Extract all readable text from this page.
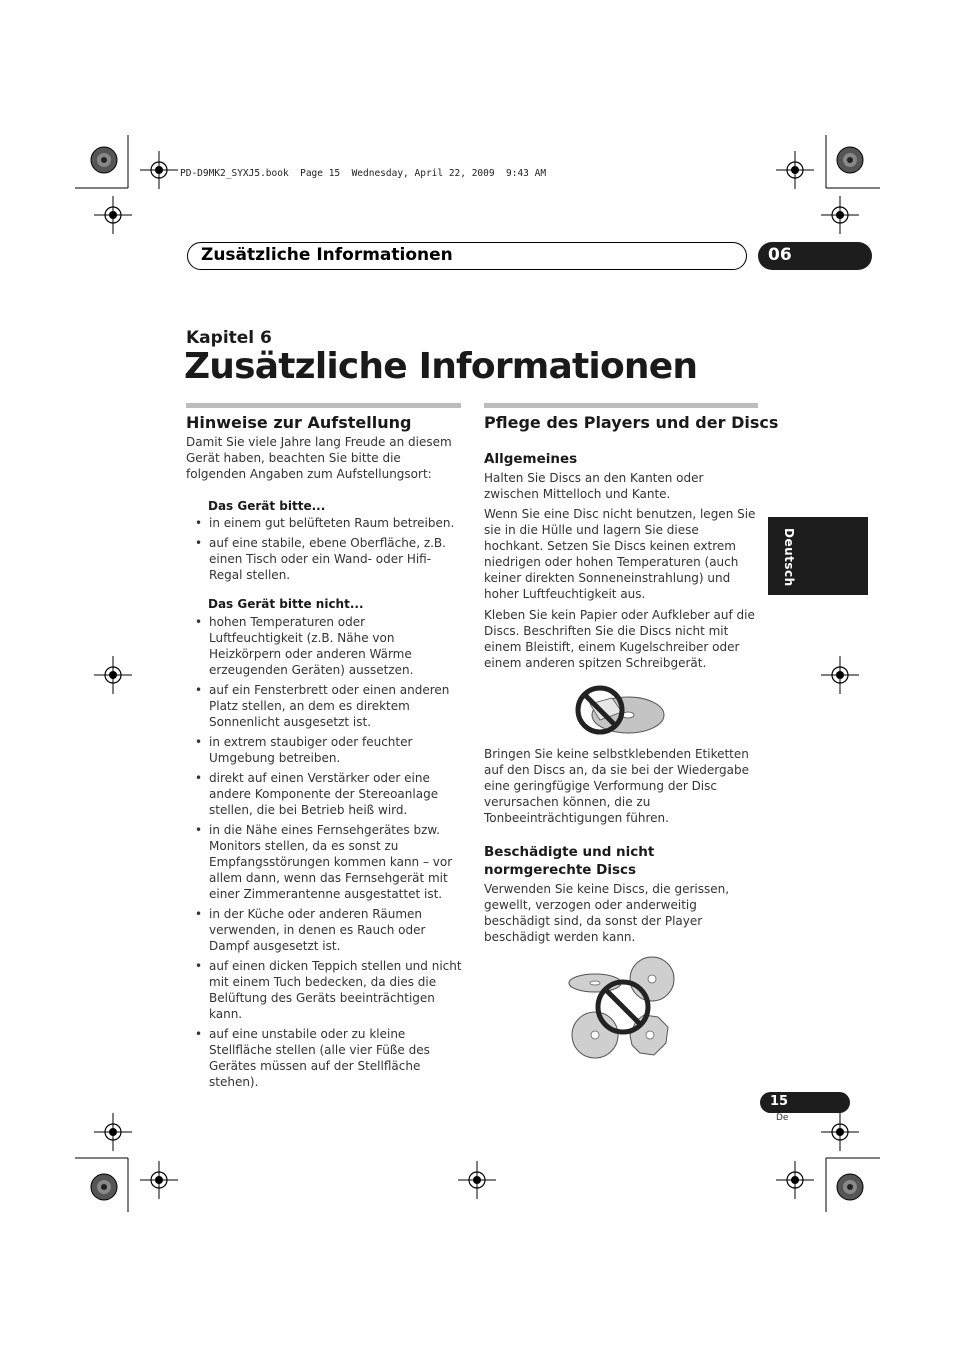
PD-D9MK2_SYXJ5.book  Page 15  Wednesday, April 22, 2009  9:43 AM
Zusätzliche Informationen	06
Kapitel 6
Zusätzliche Informationen
Hinweise zur Aufstellung

Damit Sie viele Jahre lang Freude an diesem Gerät haben, beachten Sie bitte die folgenden Angaben zum Aufstellungsort:

Das Gerät bitte...
• in einem gut belüfteten Raum betreiben.
• auf eine stabile, ebene Oberfläche, z.B. einen Tisch oder ein Wand- oder Hifi-Regal stellen.
Das Gerät bitte nicht...
• hohen Temperaturen oder Luftfeuchtigkeit (z.B. Nähe von Heizkörpern oder anderen Wärme erzeugenden Geräten) aussetzen.
• auf ein Fensterbrett oder einen anderen Platz stellen, an dem es direktem Sonnenlicht ausgesetzt ist.
• in extrem staubiger oder feuchter Umgebung betreiben.
• direkt auf einen Verstärker oder eine andere Komponente der Stereoanlage stellen, die bei Betrieb heiß wird.
• in die Nähe eines Fernsehgerätes bzw. Monitors stellen, da es sonst zu Empfangsstörungen kommen kann – vor allem dann, wenn das Fernsehgerät mit einer Zimmerantenne ausgestattet ist.
• in der Küche oder anderen Räumen verwenden, in denen es Rauch oder Dampf ausgesetzt ist.
• auf einen dicken Teppich stellen und nicht mit einem Tuch bedecken, da dies die Belüftung des Geräts beeinträchtigen kann.
• auf eine unstabile oder zu kleine Stellfläche stellen (alle vier Füße des Gerätes müssen auf der Stellfläche stehen).
Pflege des Players und der Discs
Allgemeines

Halten Sie Discs an den Kanten oder zwischen Mittelloch und Kante.

Wenn Sie eine Disc nicht benutzen, legen Sie sie in die Hülle und lagern Sie diese hochkant. Setzen Sie Discs keinen extrem niedrigen oder hohen Temperaturen (auch keiner direkten Sonneneinstrahlung) und hoher Luftfeuchtigkeit aus.

Kleben Sie kein Papier oder Aufkleber auf die Discs. Beschriften Sie die Discs nicht mit einem Bleistift, einem Kugelschreiber oder einem anderen spitzen Schreibgerät.

Bringen Sie keine selbstklebenden Etiketten auf den Discs an, da sie bei der Wiedergabe eine geringfügige Verformung der Disc verursachen können, die zu Tonbeeinträchtigungen führen.

Beschädigte und nicht normgerechte Discs

Verwenden Sie keine Discs, die gerissen, gewellt, verzogen oder anderweitig beschädigt sind, da sonst der Player beschädigt werden kann.

Deutsch
15
De
